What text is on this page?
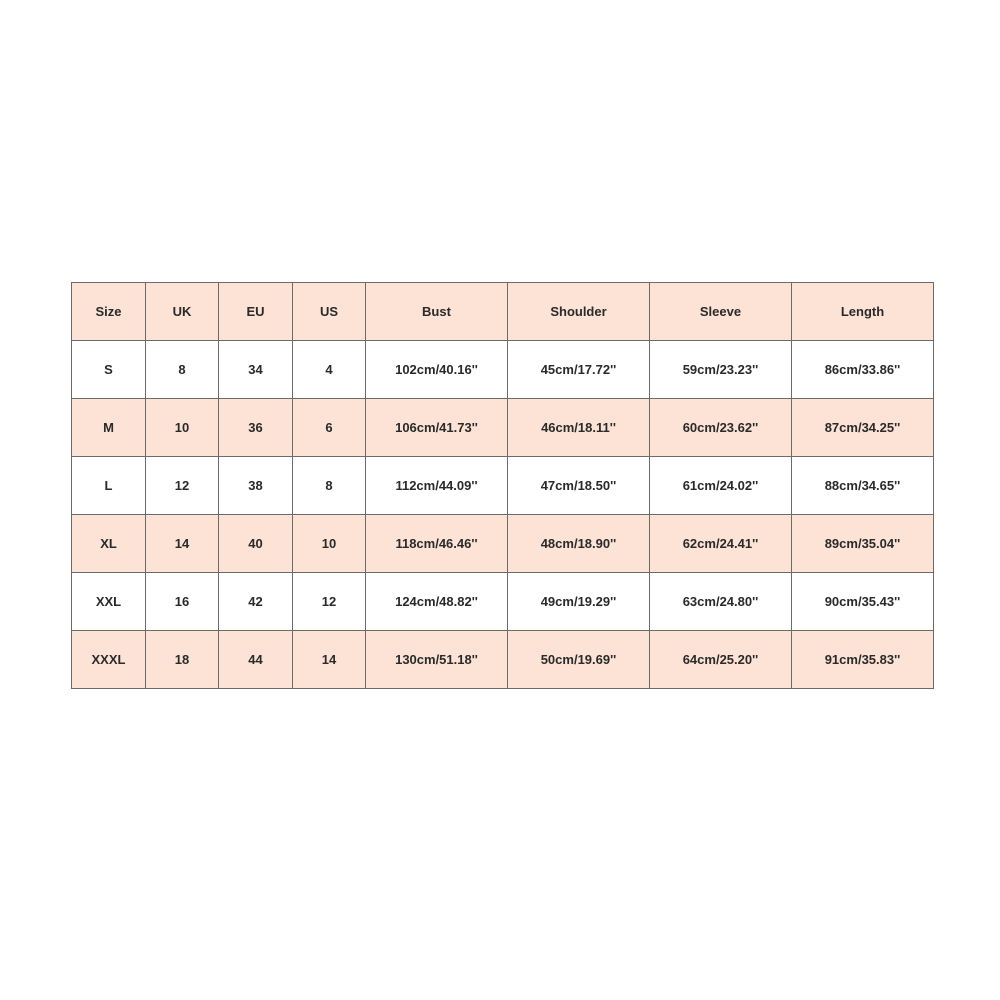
Size	UK	EU	US	Bust	Shoulder	Sleeve	Length
S	8	34	4	102cm/40.16''	45cm/17.72''	59cm/23.23''	86cm/33.86''
M	10	36	6	106cm/41.73''	46cm/18.11''	60cm/23.62''	87cm/34.25''
L	12	38	8	112cm/44.09''	47cm/18.50''	61cm/24.02''	88cm/34.65''
XL	14	40	10	118cm/46.46''	48cm/18.90''	62cm/24.41''	89cm/35.04''
XXL	16	42	12	124cm/48.82''	49cm/19.29''	63cm/24.80''	90cm/35.43''
XXXL	18	44	14	130cm/51.18''	50cm/19.69''	64cm/25.20''	91cm/35.83''
